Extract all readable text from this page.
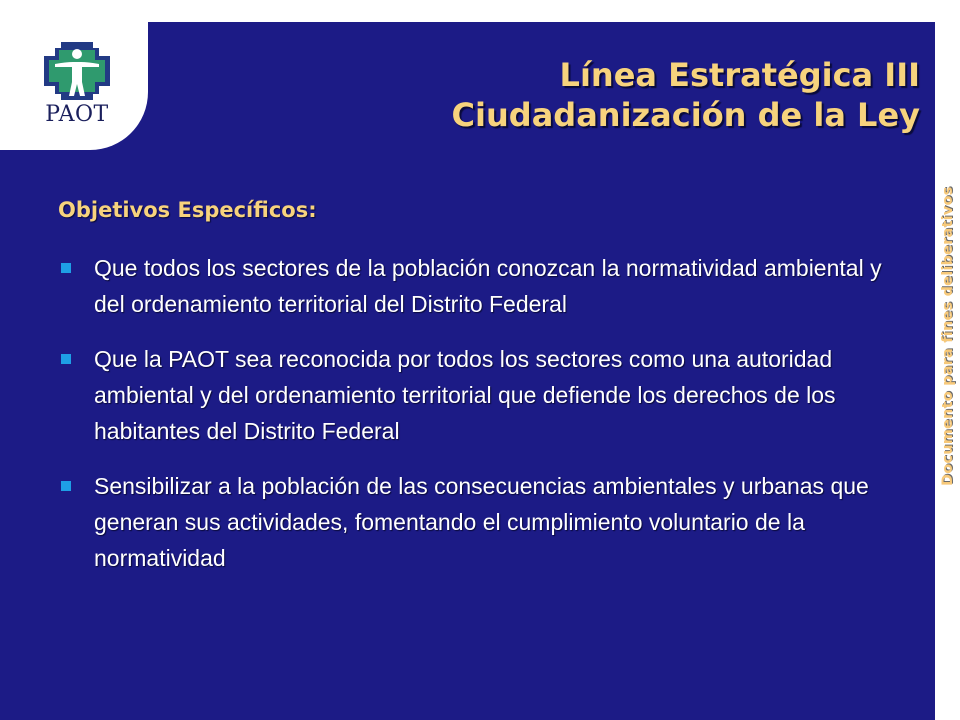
PAOT
Línea Estratégica III
Ciudadanización de la Ley
Objetivos Específicos:
Que todos los sectores de la población conozcan la normatividad ambiental y del ordenamiento territorial del Distrito Federal
Que la PAOT sea reconocida por todos los sectores como una autoridad ambiental y del ordenamiento territorial que defiende los derechos de los habitantes del Distrito Federal
Sensibilizar a la población de las consecuencias ambientales y urbanas que generan sus actividades, fomentando el cumplimiento voluntario de la normatividad
Documento para fines deliberativos
